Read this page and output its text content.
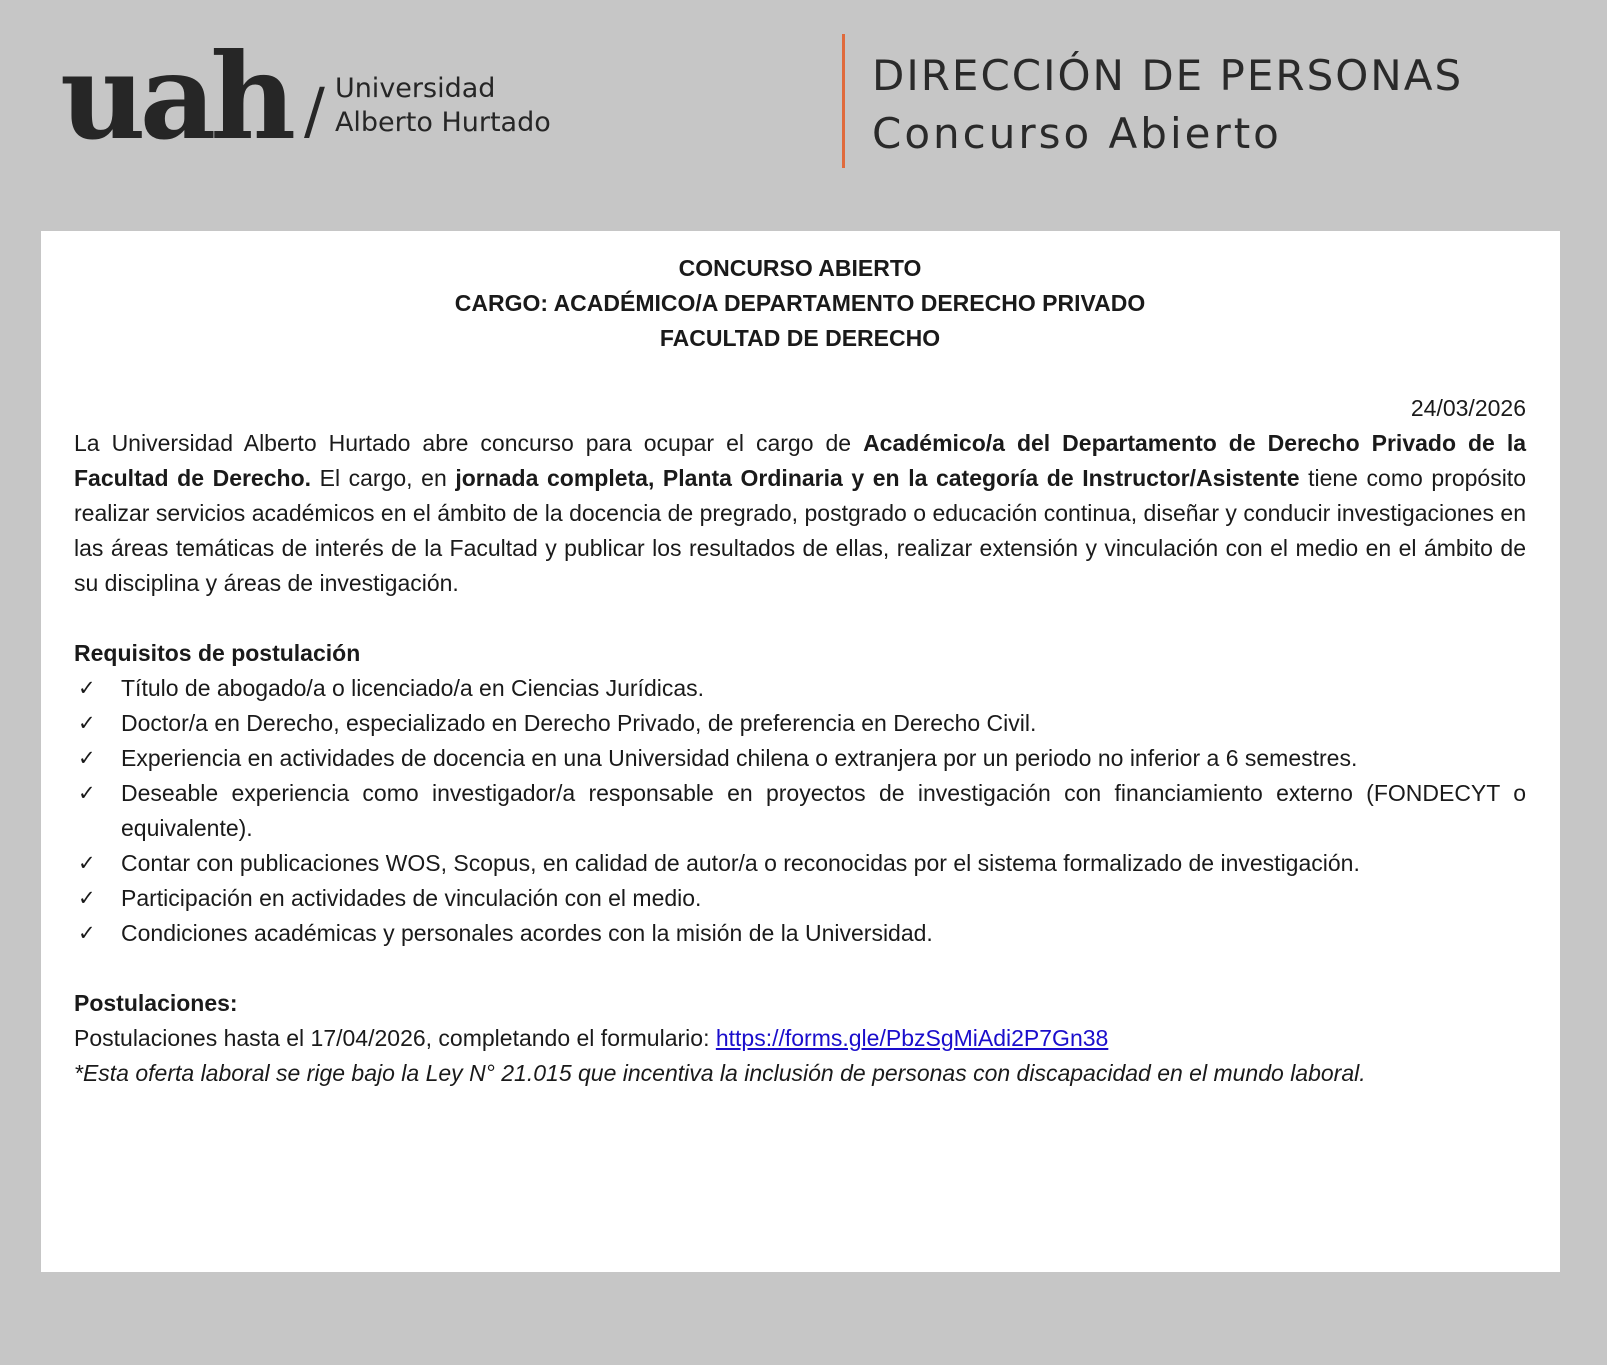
uah / Universidad
Alberto Hurtado
DIRECCIÓN DE PERSONAS
Concurso Abierto
CONCURSO ABIERTO
CARGO: ACADÉMICO/A DEPARTAMENTO DERECHO PRIVADO
FACULTAD DE DERECHO
24/03/2026
La Universidad Alberto Hurtado abre concurso para ocupar el cargo de Académico/a del Departamento de Derecho Privado de la Facultad de Derecho. El cargo, en jornada completa, Planta Ordinaria y en la categoría de Instructor/Asistente tiene como propósito realizar servicios académicos en el ámbito de la docencia de pregrado, postgrado o educación continua, diseñar y conducir investigaciones en las áreas temáticas de interés de la Facultad y publicar los resultados de ellas, realizar extensión y vinculación con el medio en el ámbito de su disciplina y áreas de investigación.
Requisitos de postulación
✓ Título de abogado/a o licenciado/a en Ciencias Jurídicas.
✓ Doctor/a en Derecho, especializado en Derecho Privado, de preferencia en Derecho Civil.
✓ Experiencia en actividades de docencia en una Universidad chilena o extranjera por un periodo no inferior a 6 semestres.
✓ Deseable experiencia como investigador/a responsable en proyectos de investigación con financiamiento externo (FONDECYT o equivalente).
✓ Contar con publicaciones WOS, Scopus, en calidad de autor/a o reconocidas por el sistema formalizado de investigación.
✓ Participación en actividades de vinculación con el medio.
✓ Condiciones académicas y personales acordes con la misión de la Universidad.
Postulaciones:
Postulaciones hasta el 17/04/2026, completando el formulario: https://forms.gle/PbzSgMiAdi2P7Gn38
*Esta oferta laboral se rige bajo la Ley N° 21.015 que incentiva la inclusión de personas con discapacidad en el mundo laboral.
